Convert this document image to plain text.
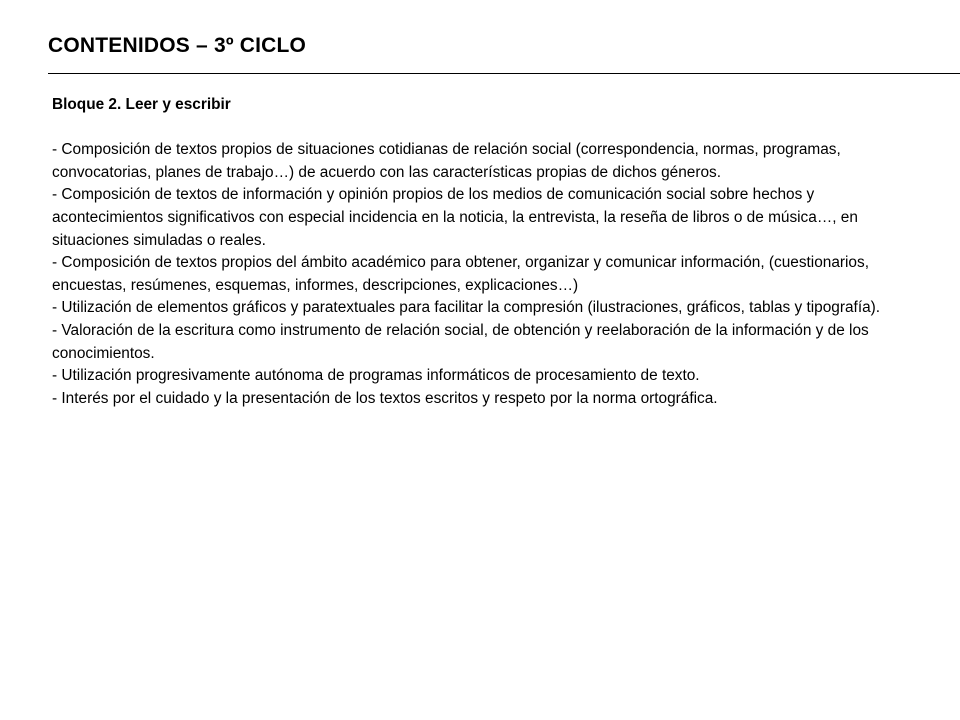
CONTENIDOS – 3º CICLO

Bloque 2. Leer y escribir

- Composición de textos propios de situaciones cotidianas de relación social (correspondencia, normas, programas, convocatorias, planes de trabajo…) de acuerdo con las características propias de dichos géneros.

- Composición de textos de información y opinión propios de los medios de comunicación social sobre hechos y acontecimientos significativos con especial incidencia en la noticia, la entrevista, la reseña de libros o de música…, en situaciones simuladas o reales.

- Composición de textos propios del ámbito académico para obtener, organizar y comunicar información, (cuestionarios, encuestas, resúmenes, esquemas, informes, descripciones, explicaciones…)

- Utilización de elementos gráficos y paratextuales para facilitar la compresión (ilustraciones, gráficos, tablas y tipografía).

- Valoración de la escritura como instrumento de relación social, de obtención y reelaboración de la información y de los conocimientos.

- Utilización progresivamente autónoma de programas informáticos de procesamiento de texto.

- Interés por el cuidado y la presentación de los textos escritos y respeto por la norma ortográfica.
